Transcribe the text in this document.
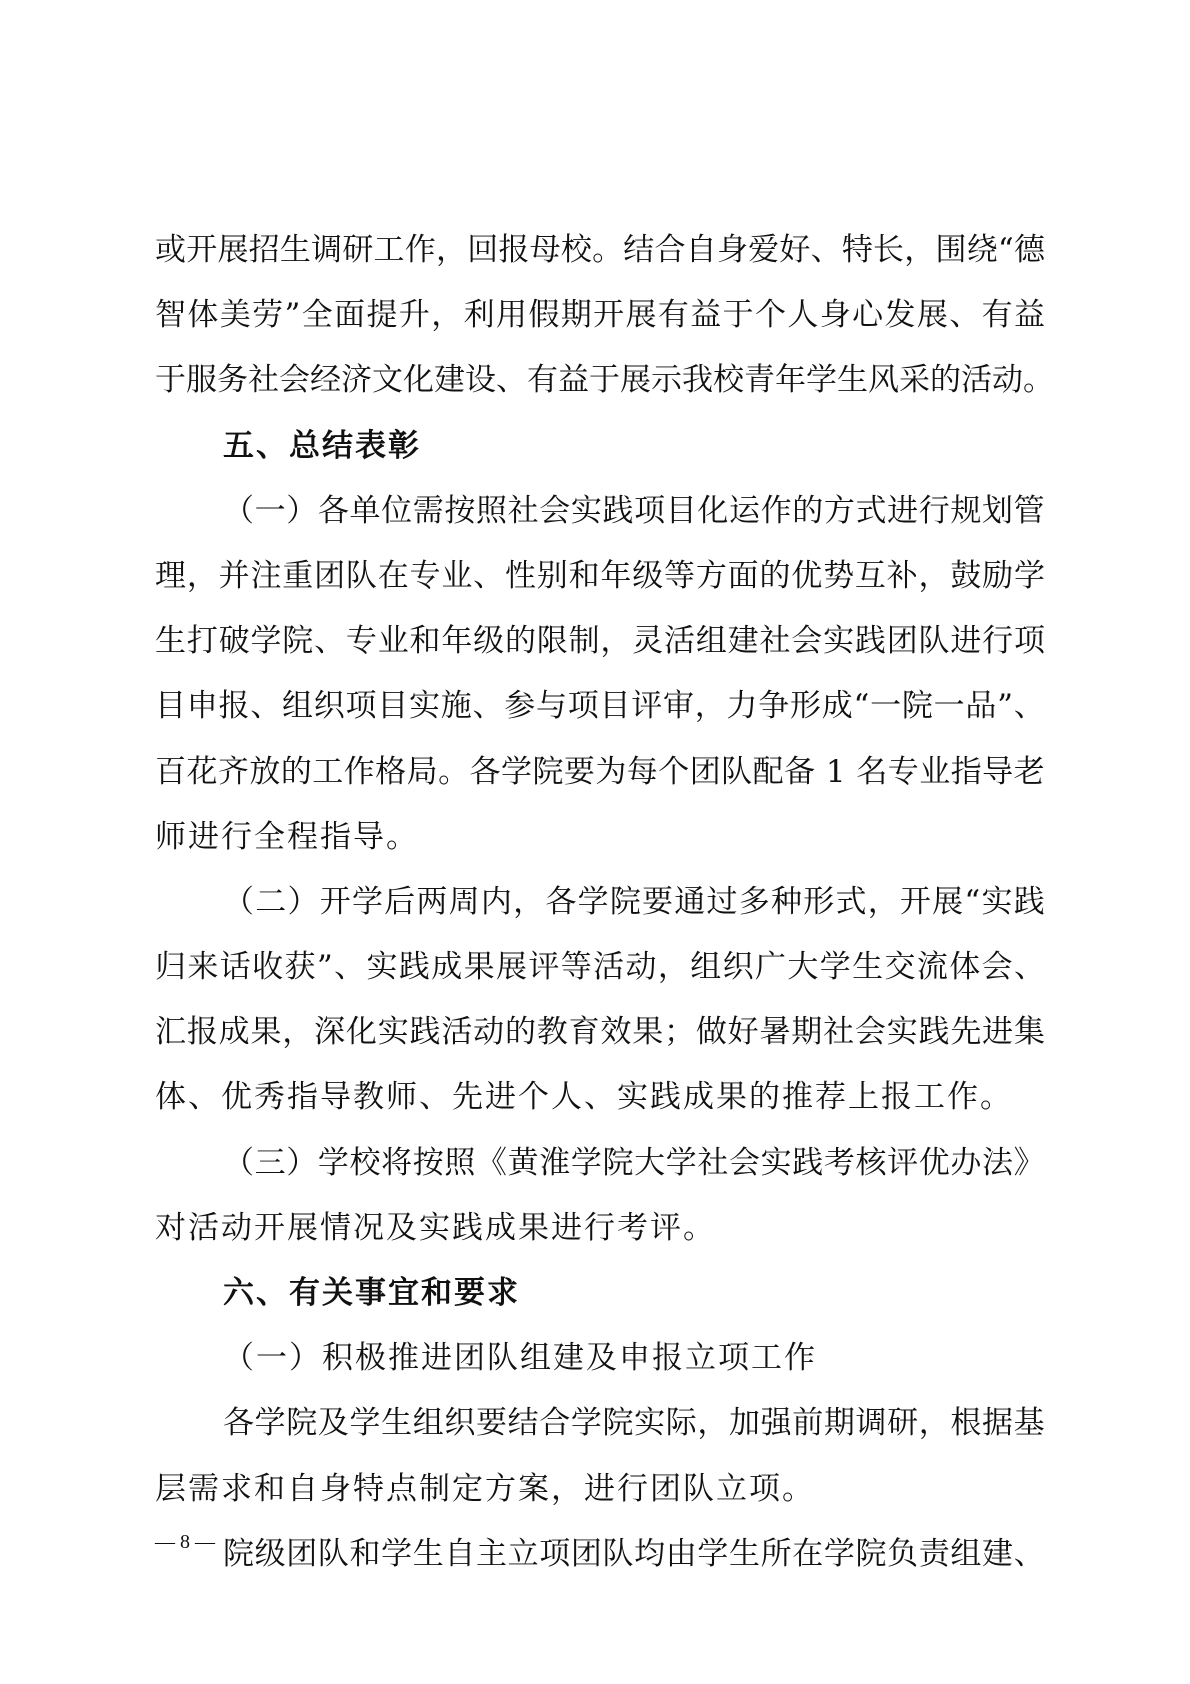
或 开 展 招 生 调 研 工 作 ， 回 报 母 校 。 结 合 自 身 爱 好 、 特 长 ， 围 绕 “ 德
智 体 美 劳 ” 全 面 提 升 ， 利 用 假 期 开 展 有 益 于 个 人 身 心 发 展 、 有 益
于 服 务 社 会 经 济 文 化 建 设 、 有 益 于 展 示 我 校 青 年 学 生 风 采 的 活 动 。
五、总结表彰
（ 一 ） 各 单 位 需 按 照 社 会 实 践 项 目 化 运 作 的 方 式 进 行 规 划 管
理 ， 并 注 重 团 队 在 专 业 、 性 别 和 年 级 等 方 面 的 优 势 互 补 ， 鼓 励 学
生 打 破 学 院 、 专 业 和 年 级 的 限 制 ， 灵 活 组 建 社 会 实 践 团 队 进 行 项
目 申 报 、 组 织 项 目 实 施 、 参 与 项 目 评 审 ， 力 争 形 成 “ 一 院 一 品 ” 、
百 花 齐 放 的 工 作 格 局 。 各 学 院 要 为 每 个 团 队 配 备
1
名 专 业 指 导 老
师进行全程指导。
（ 二 ） 开 学 后 两 周 内 ， 各 学 院 要 通 过 多 种 形 式 ， 开 展 “ 实 践
归 来 话 收 获 ” 、 实 践 成 果 展 评 等 活 动 ， 组 织 广 大 学 生 交 流 体 会 、
汇 报 成 果 ， 深 化 实 践 活 动 的 教 育 效 果 ； 做 好 暑 期 社 会 实 践 先 进 集
体、优秀指导教师、先进个人、实践成果的推荐上报工作。
（ 三 ） 学 校 将 按 照 《 黄 淮 学 院 大 学 社 会 实 践 考 核 评 优 办 法 》
对活动开展情况及实践成果进行考评。
六、有关事宜和要求
（一）积极推进团队组建及申报立项工作
各 学 院 及 学 生 组 织 要 结 合 学 院 实 际 ， 加 强 前 期 调 研 ， 根 据 基
层需求和自身特点制定方案，进行团队立项。
院 级 团 队 和 学 生 自 主 立 项 团 队 均 由 学 生 所 在 学 院 负 责 组 建 、
— 8 —
